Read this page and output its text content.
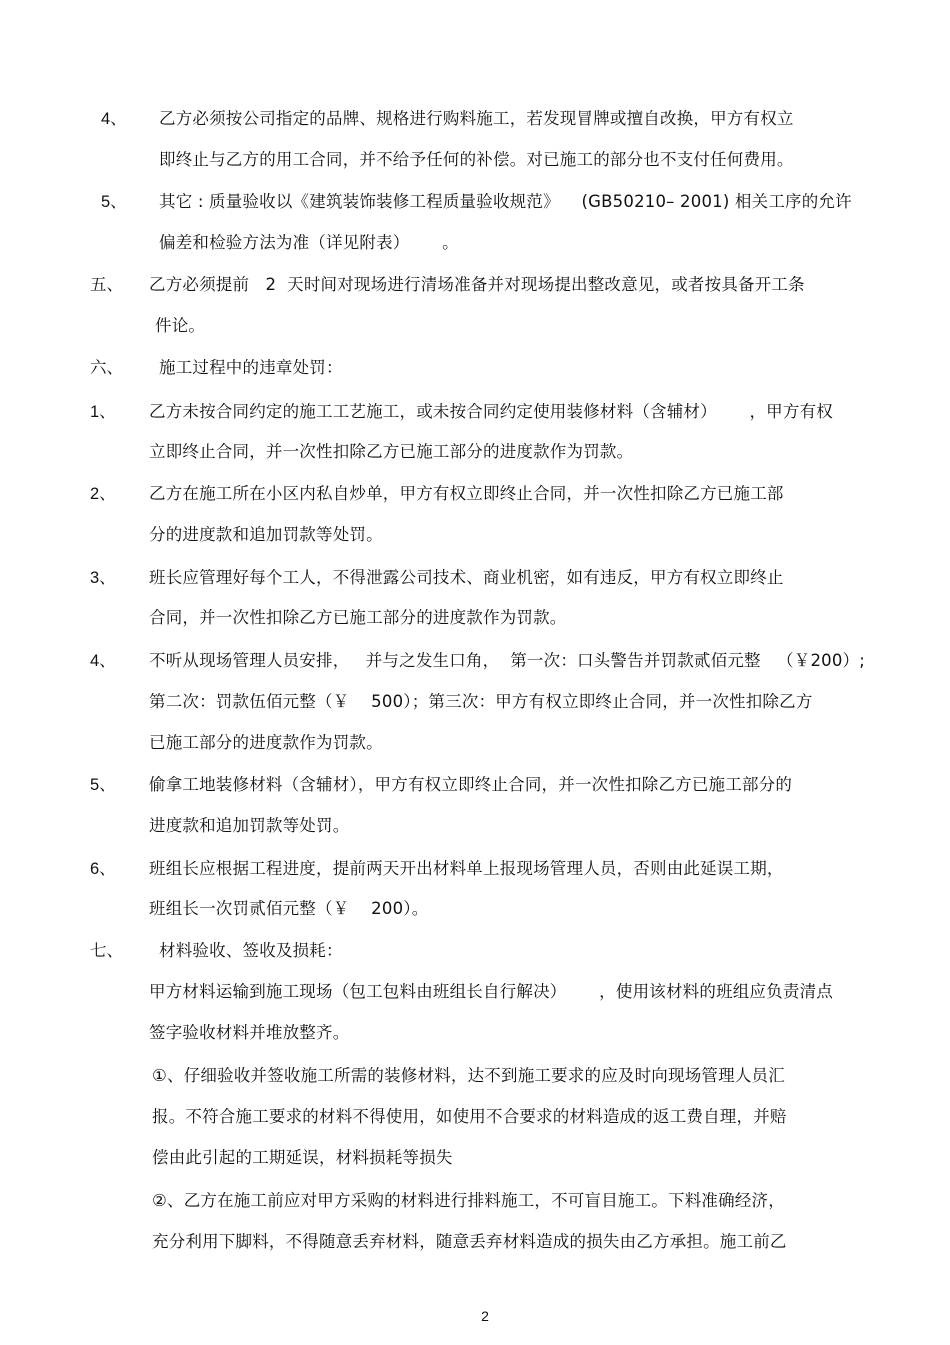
4、 乙方必须按公司指定的品牌、规格进行购料施工，若发现冒牌或擅自改换，甲方有权立
即终止与乙方的用工合同，并不给予任何的补偿。对已施工的部分也不支付任何费用。
5、 其它 : 质量验收以《建筑装饰装修工程质量验收规范》    (GB50210– 2001) 相关工序的允许
偏差和检验方法为准（详见附表）      。
五、 乙方必须提前   2  天时间对现场进行清场准备并对现场提出整改意见，或者按具备开工条
件论。
六、 施工过程中的违章处罚：
1、 乙方未按合同约定的施工工艺施工，或未按合同约定使用装修材料（含辅材）      ，甲方有权
立即终止合同，并一次性扣除乙方已施工部分的进度款作为罚款。
2、 乙方在施工所在小区内私自炒单，甲方有权立即终止合同，并一次性扣除乙方已施工部
分的进度款和追加罚款等处罚。
3、 班长应管理好每个工人，不得泄露公司技术、商业机密，如有违反，甲方有权立即终止
合同，并一次性扣除乙方已施工部分的进度款作为罚款。
4、 不听从现场管理人员安排，   并与之发生口角，  第一次：口头警告并罚款贰佰元整   （￥200）;
第二次：罚款伍佰元整（￥    500）；第三次：甲方有权立即终止合同，并一次性扣除乙方
已施工部分的进度款作为罚款。
5、 偷拿工地装修材料（含辅材），甲方有权立即终止合同，并一次性扣除乙方已施工部分的
进度款和追加罚款等处罚。
6、 班组长应根据工程进度，提前两天开出材料单上报现场管理人员，否则由此延误工期，
班组长一次罚贰佰元整（￥    200）。
七、 材料验收、签收及损耗：
甲方材料运输到施工现场（包工包料由班组长自行解决）      ，使用该材料的班组应负责清点
签字验收材料并堆放整齐。
①、仔细验收并签收施工所需的装修材料，达不到施工要求的应及时向现场管理人员汇
报。不符合施工要求的材料不得使用，如使用不合要求的材料造成的返工费自理，并赔
偿由此引起的工期延误，材料损耗等损失
②、乙方在施工前应对甲方采购的材料进行排料施工，不可盲目施工。下料准确经济，
充分利用下脚料，不得随意丢弃材料，随意丢弃材料造成的损失由乙方承担。施工前乙
2
